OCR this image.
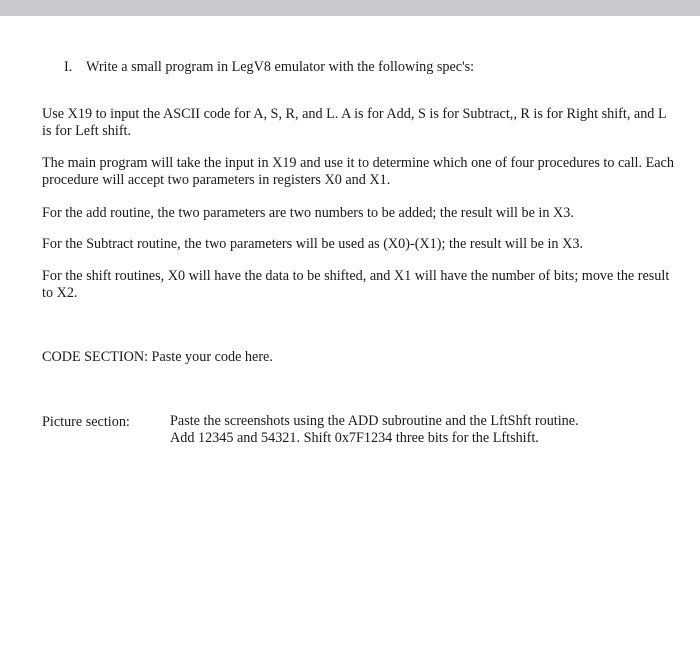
I. Write a small program in LegV8 emulator with the following spec's:
Use X19 to input the ASCII code for A, S, R, and L. A is for Add, S is for Subtract,, R is for Right shift, and L is for Left shift.
The main program will take the input in X19 and use it to determine which one of four procedures to call. Each procedure will accept two parameters in registers X0 and X1.
For the add routine, the two parameters are two numbers to be added; the result will be in X3.
For the Subtract routine, the two parameters will be used as (X0)-(X1); the result will be in X3.
For the shift routines, X0 will have the data to be shifted, and X1 will have the number of bits; move the result to X2.
CODE SECTION: Paste your code here.
Picture section:	Paste the screenshots using the ADD subroutine and the LftShft routine.
Add 12345 and 54321. Shift 0x7F1234 three bits for the Lftshift.
